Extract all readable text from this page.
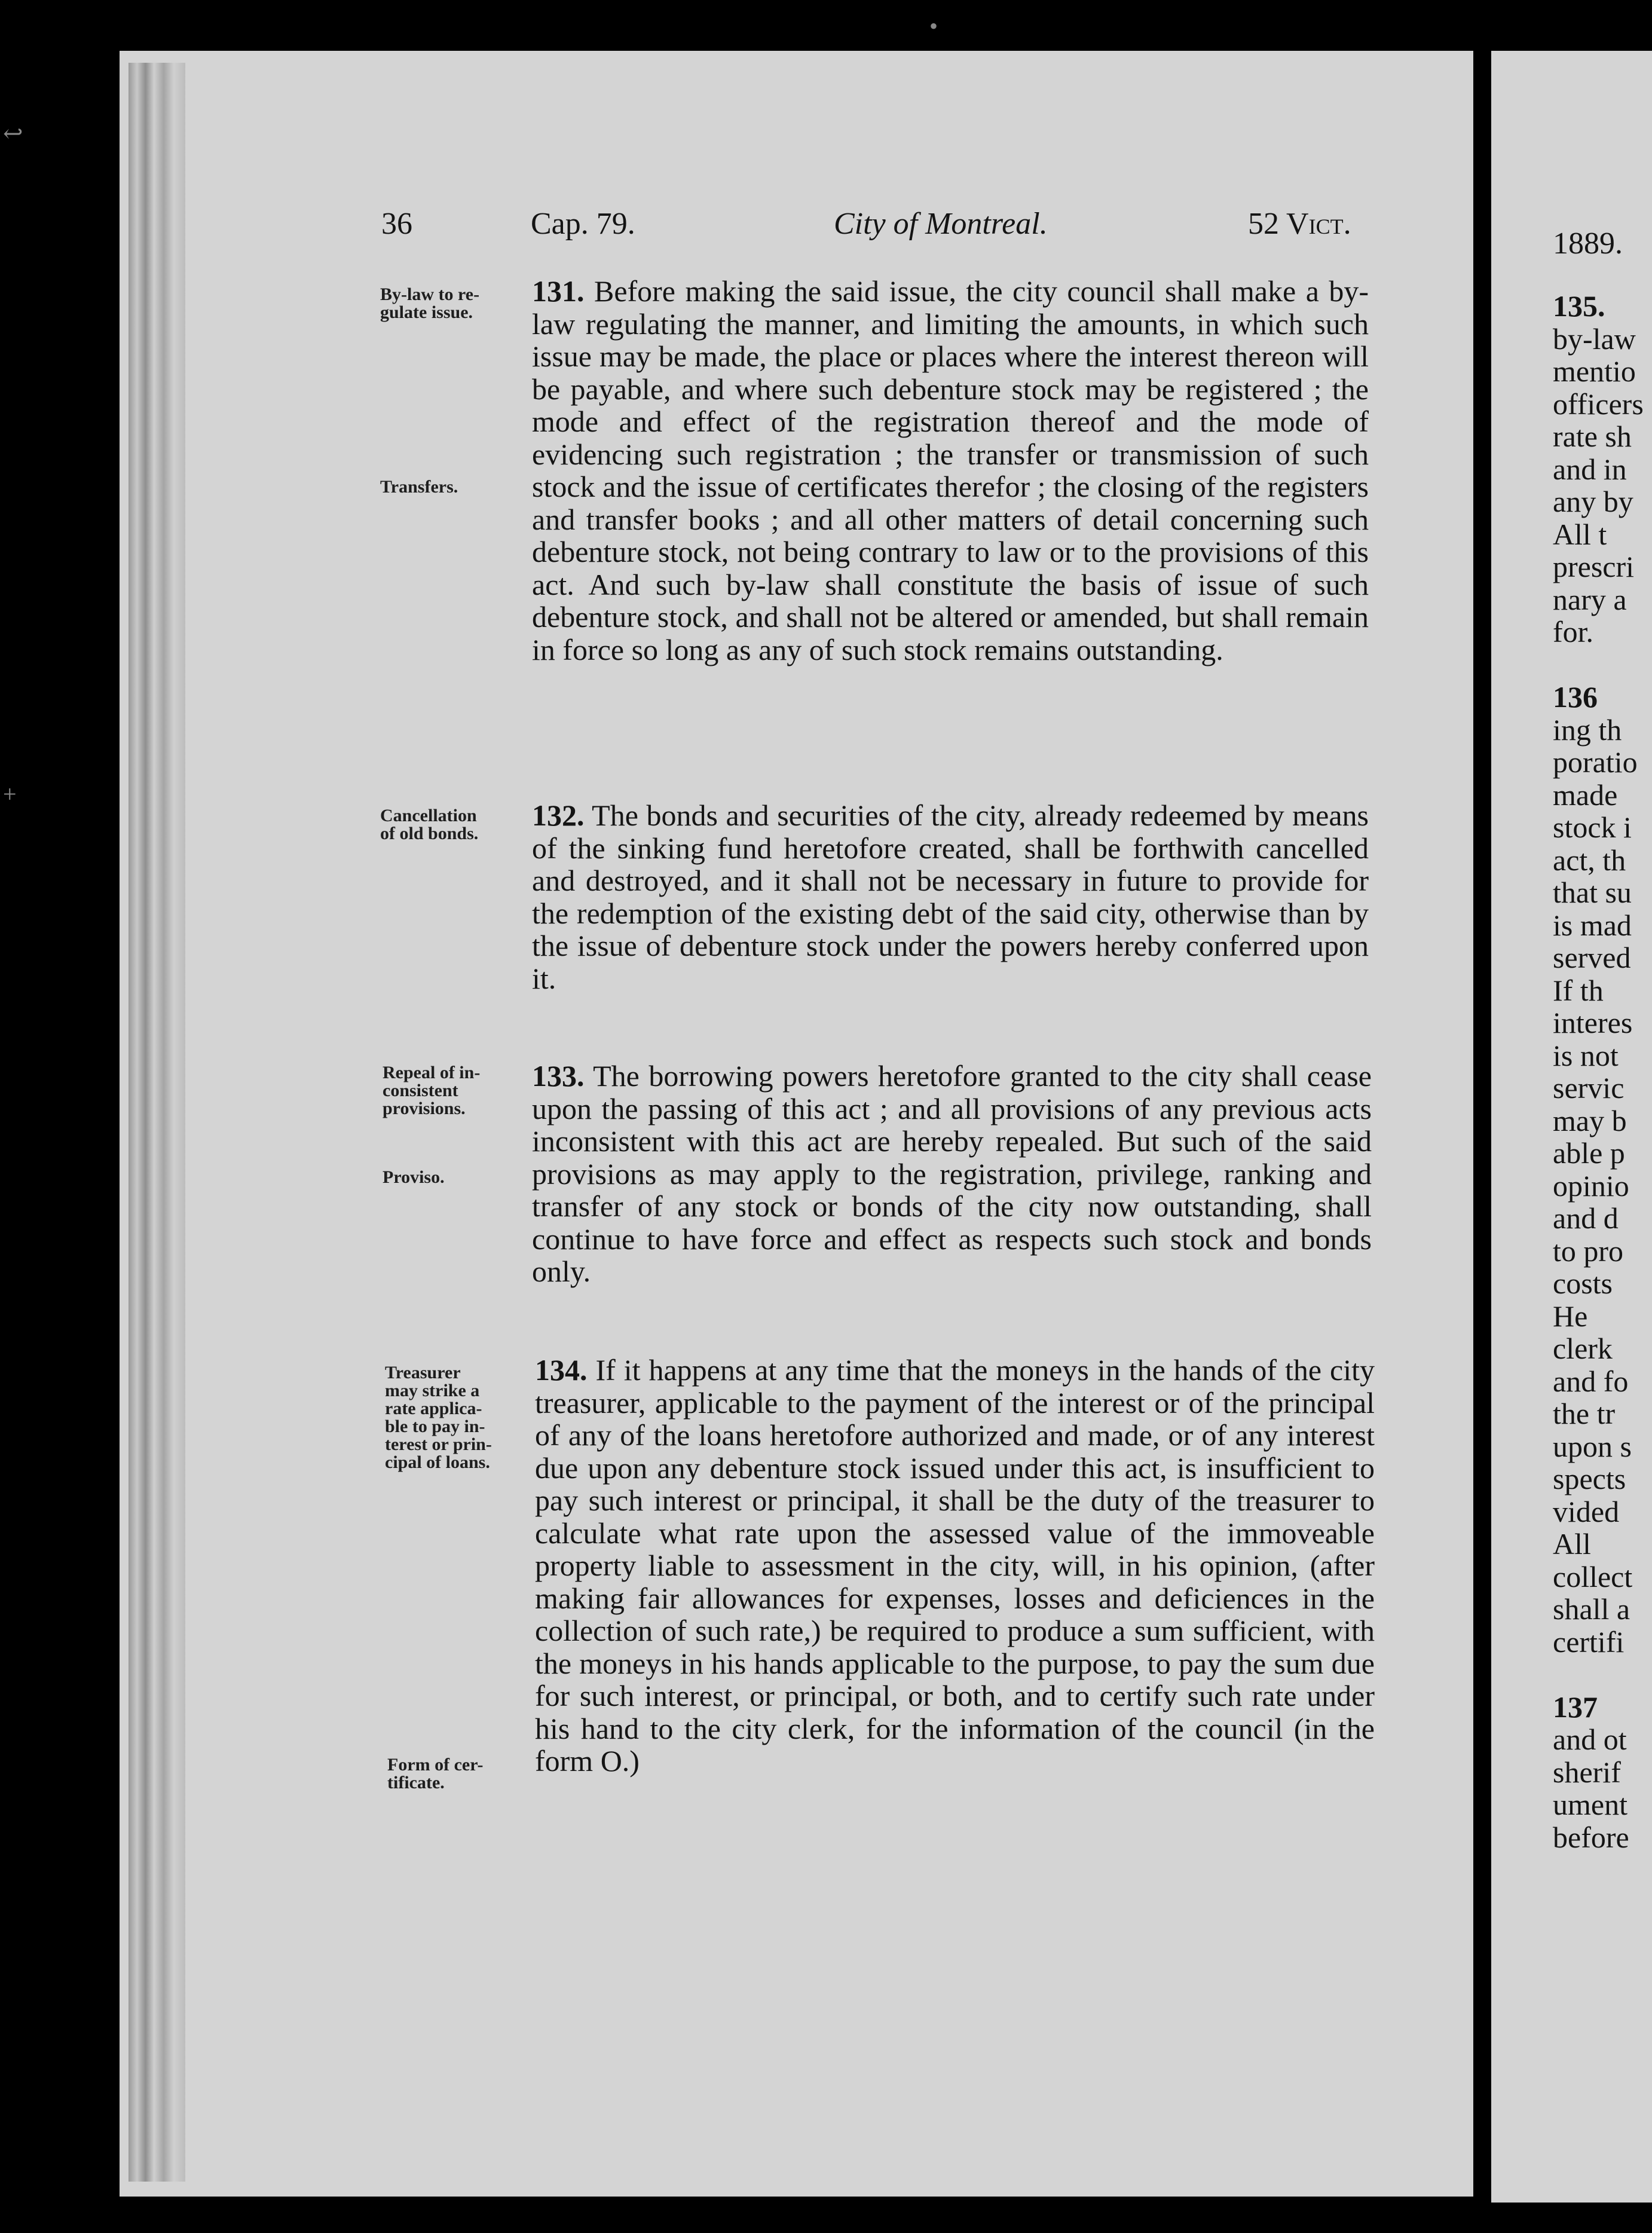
36	Cap. 79.	City of Montreal.	52 Vict.
By-law to re-
gulate issue.
Transfers.

131. Before making the said issue, the city council shall make a by-law regulating the manner, and limiting the amounts, in which such issue may be made, the place or places where the interest thereon will be payable, and where such debenture stock may be registered ; the mode and effect of the registration thereof and the mode of evidencing such registration ; the transfer or transmission of such stock and the issue of certificates therefor ; the closing of the registers and transfer books ; and all other matters of detail concerning such debenture stock, not being contrary to law or to the provisions of this act. And such by-law shall constitute the basis of issue of such debenture stock, and shall not be altered or amended, but shall remain in force so long as any of such stock remains outstanding.

Cancellation
of old bonds.

132. The bonds and securities of the city, already redeemed by means of the sinking fund heretofore created, shall be forthwith cancelled and destroyed, and it shall not be necessary in future to provide for the redemption of the existing debt of the said city, otherwise than by the issue of debenture stock under the powers hereby conferred upon it.

Repeal of in-
consistent
provisions.
Proviso.

133. The borrowing powers heretofore granted to the city shall cease upon the passing of this act ; and all provisions of any previous acts inconsistent with this act are hereby repealed. But such of the said provisions as may apply to the registration, privilege, ranking and transfer of any stock or bonds of the city now outstanding, shall continue to have force and effect as respects such stock and bonds only.

Treasurer
may strike a
rate applica-
ble to pay in-
terest or prin-
cipal of loans.
Form of cer-
tificate.

134. If it happens at any time that the moneys in the hands of the city treasurer, applicable to the payment of the interest or of the principal of any of the loans heretofore authorized and made, or of any interest due upon any debenture stock issued under this act, is insufficient to pay such interest or principal, it shall be the duty of the treasurer to calculate what rate upon the assessed value of the immoveable property liable to assessment in the city, will, in his opinion, (after making fair allowances for expenses, losses and deficiences in the collection of such rate,) be required to produce a sum sufficient, with the moneys in his hands applicable to the purpose, to pay the sum due for such interest, or principal, or both, and to certify such rate under his hand to the city clerk, for the information of the council (in the form O.)

1889.
135.
by-law
mentio
officers
rate sh
and in
any by
All t
prescri
nary a
for.
136
ing th
poratio
made
stock i
act, th
that su
is mad
served
If th
interes
is not
servic
may b
able p
opinio
and d
to pro
costs
He
clerk
and fo
the tr
upon s
spects
vided
All
collect
shall a
certifi
137
and ot
sherif
ument
before
•
↩
+
